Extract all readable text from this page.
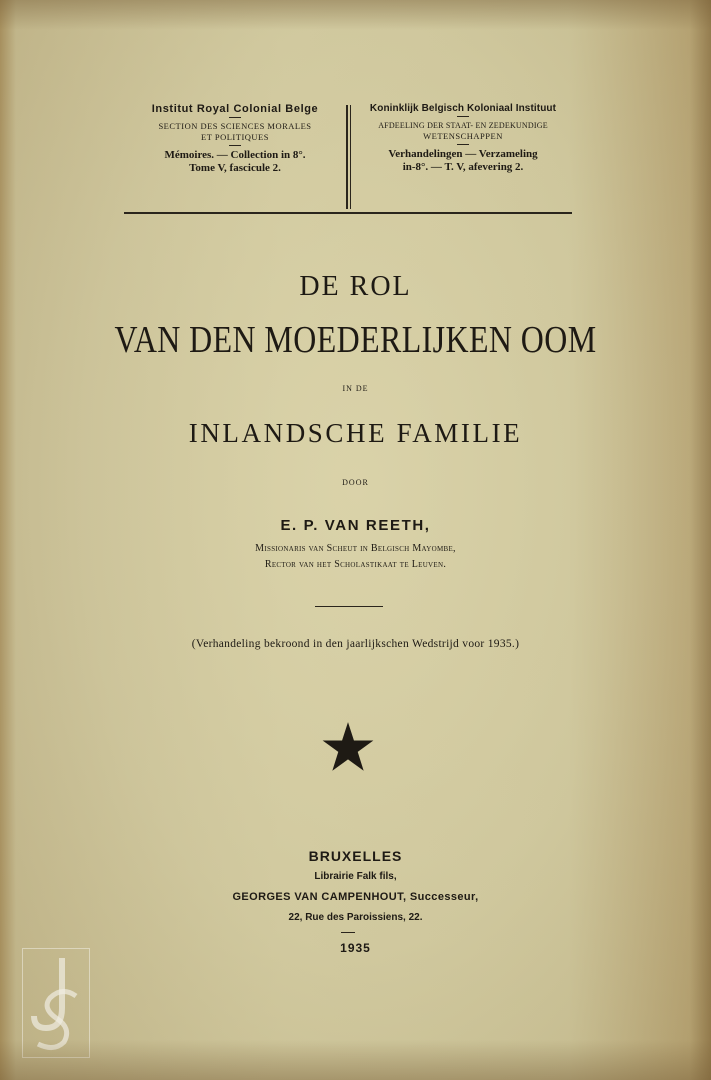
Institut Royal Colonial Belge

SECTION DES SCIENCES MORALES

ET POLITIQUES

Mémoires. — Collection in 8°.

Tome V, fascicule 2.

Koninklijk Belgisch Koloniaal Instituut

AFDEELING DER STAAT- EN ZEDEKUNDIGE

WETENSCHAPPEN

Verhandelingen — Verzameling

in-8°. — T. V, afevering 2.

DE ROL
VAN DEN MOEDERLIJKEN OOM
IN DE
INLANDSCHE FAMILIE
DOOR
E. P. VAN REETH,
Missionaris van Scheut in Belgisch Mayombe,
Rector van het Scholastikaat te Leuven.
(Verhandeling bekroond in den jaarlijkschen Wedstrijd voor 1935.)
BRUXELLES
Librairie Falk fils,
GEORGES VAN CAMPENHOUT, Successeur,
22, Rue des Paroissiens, 22.
1935
